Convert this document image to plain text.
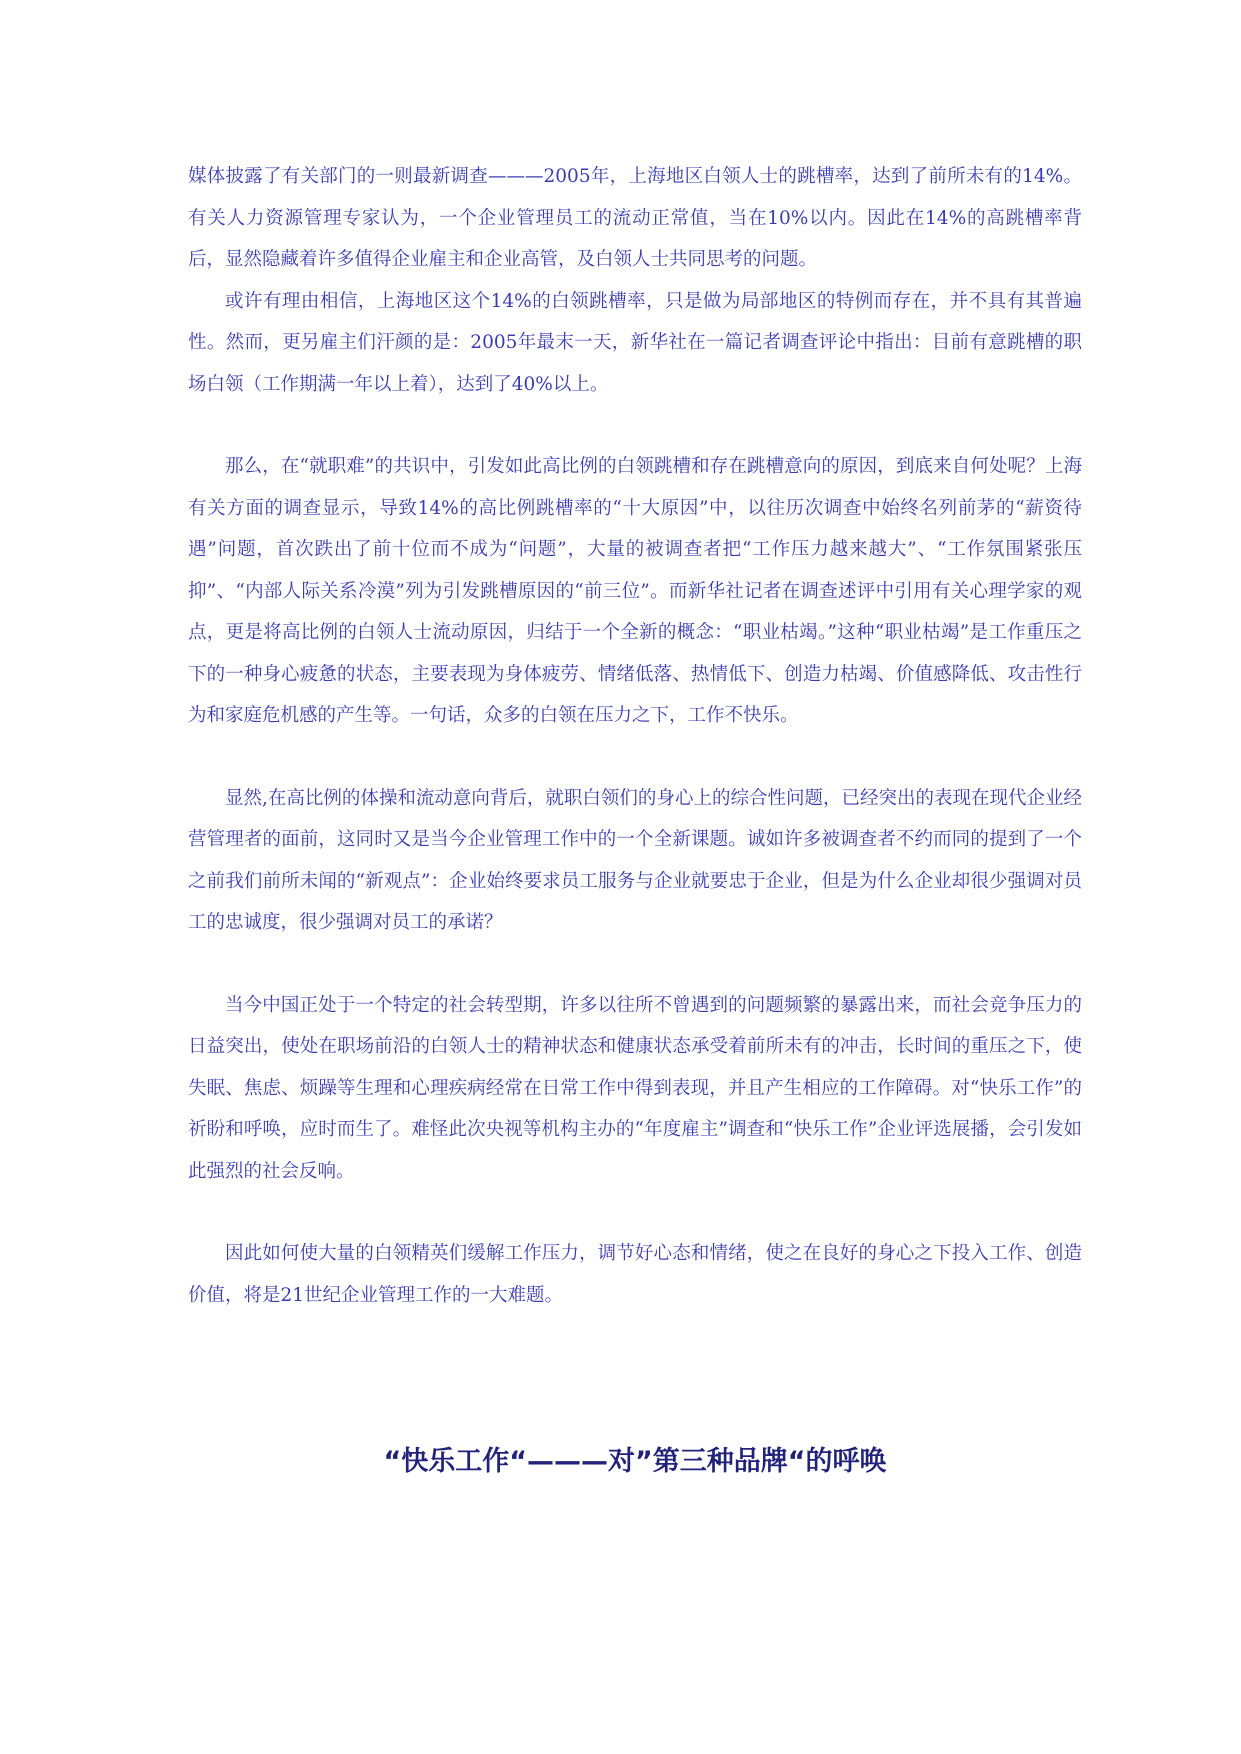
媒体披露了有关部门的一则最新调查———2005年，上海地区白领人士的跳槽率，达到了前所未有的14%。有关人力资源管理专家认为，一个企业管理员工的流动正常值，当在10%以内。因此在14%的高跳槽率背后，显然隐藏着许多值得企业雇主和企业高管，及白领人士共同思考的问题。

或许有理由相信，上海地区这个14%的白领跳槽率，只是做为局部地区的特例而存在，并不具有其普遍性。然而，更另雇主们汗颜的是：2005年最末一天，新华社在一篇记者调查评论中指出：目前有意跳槽的职场白领（工作期满一年以上着），达到了40%以上。

那么，在“就职难”的共识中，引发如此高比例的白领跳槽和存在跳槽意向的原因，到底来自何处呢？上海有关方面的调查显示，导致14%的高比例跳槽率的“十大原因”中，以往历次调查中始终名列前茅的“薪资待遇”问题，首次跌出了前十位而不成为“问题”，大量的被调查者把“工作压力越来越大”、“工作氛围紧张压抑”、“内部人际关系冷漠”列为引发跳槽原因的“前三位”。而新华社记者在调查述评中引用有关心理学家的观点，更是将高比例的白领人士流动原因，归结于一个全新的概念：“职业枯竭。”这种“职业枯竭”是工作重压之下的一种身心疲惫的状态，主要表现为身体疲劳、情绪低落、热情低下、创造力枯竭、价值感降低、攻击性行为和家庭危机感的产生等。一句话，众多的白领在压力之下，工作不快乐。

显然,在高比例的体操和流动意向背后，就职白领们的身心上的综合性问题，已经突出的表现在现代企业经营管理者的面前，这同时又是当今企业管理工作中的一个全新课题。诚如许多被调查者不约而同的提到了一个之前我们前所未闻的“新观点”：企业始终要求员工服务与企业就要忠于企业，但是为什么企业却很少强调对员工的忠诚度，很少强调对员工的承诺？

当今中国正处于一个特定的社会转型期，许多以往所不曾遇到的问题频繁的暴露出来，而社会竞争压力的日益突出，使处在职场前沿的白领人士的精神状态和健康状态承受着前所未有的冲击，长时间的重压之下，使失眠、焦虑、烦躁等生理和心理疾病经常在日常工作中得到表现，并且产生相应的工作障碍。对“快乐工作”的祈盼和呼唤，应时而生了。难怪此次央视等机构主办的“年度雇主”调查和“快乐工作”企业评选展播，会引发如此强烈的社会反响。

因此如何使大量的白领精英们缓解工作压力，调节好心态和情绪，使之在良好的身心之下投入工作、创造价值，将是21世纪企业管理工作的一大难题。

“快乐工作“———对”第三种品牌“的呼唤
